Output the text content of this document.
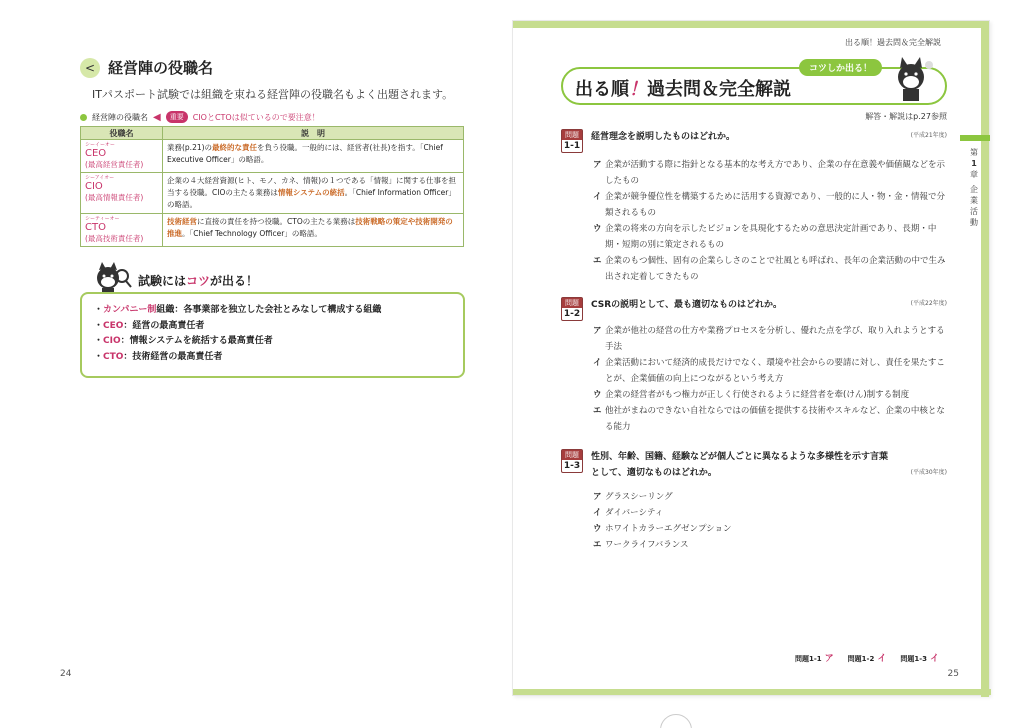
< 経営陣の役職名
ITパスポート試験では組織を束ねる経営陣の役職名もよく出題されます。
経営陣の役職名 ◀	重要	CIOとCTOは似ているので要注意！
役職名	説　明

シーイーオー
CEO
(最高経営責任者)	業務(p.21)の最終的な責任を負う役職。一般的には、経営者(社長)を指す。「Chief Executive Officer」の略語。

シーアイオー
CIO
(最高情報責任者)	企業の４大経営資源(ヒト、モノ、カネ、情報)の１つである「情報」に関する仕事を担当する役職。CIOの主たる業務は情報システムの統括。「Chief Information Officer」の略語。

シーティーオー
CTO
(最高技術責任者)	技術経営に直接の責任を持つ役職。CTOの主たる業務は技術戦略の策定や技術開発の推進。「Chief Technology Officer」の略語。
試験にはコツが出る！
・カンパニー制組織：各事業部を独立した会社とみなして構成する組織
・CEO：経営の最高責任者
・CIO：情報システムを統括する最高責任者
・CTO：技術経営の最高責任者
24
出る順！過去問＆完全解説
出る順！過去問＆完全解説
コツしか出る！
解答・解説はp.27参照
問題
1-1
経営理念を説明したものはどれか。	(平成21年度)
ア 企業が活動する際に指針となる基本的な考え方であり、企業の存在意義や価値観などを示したもの
イ 企業が競争優位性を構築するために活用する資源であり、一般的に人・物・金・情報で分類されるもの
ウ 企業の将来の方向を示したビジョンを具現化するための意思決定計画であり、長期・中期・短期の別に策定されるもの
エ 企業のもつ個性、固有の企業らしさのことで社風とも呼ばれ、長年の企業活動の中で生み出され定着してきたもの
問題
1-2
CSRの説明として、最も適切なものはどれか。	(平成22年度)
ア 企業が他社の経営の仕方や業務プロセスを分析し、優れた点を学び、取り入れようとする手法
イ 企業活動において経済的成長だけでなく、環境や社会からの要請に対し、責任を果たすことが、企業価値の向上につながるという考え方
ウ 企業の経営者がもつ権力が正しく行使されるように経営者を牽(けん)制する制度
エ 他社がまねのできない自社ならではの価値を提供する技術やスキルなど、企業の中核となる能力
問題
1-3
性別、年齢、国籍、経験などが個人ごとに異なるような多様性を示す言葉として、適切なものはどれか。	(平成30年度)
ア グラスシーリング
イ ダイバーシティ
ウ ホワイトカラーエグゼンプション
エ ワークライフバランス
問題1-1 ア 問題1-2 イ 問題1-3 イ
第
1
章
企
業
活
動
25
